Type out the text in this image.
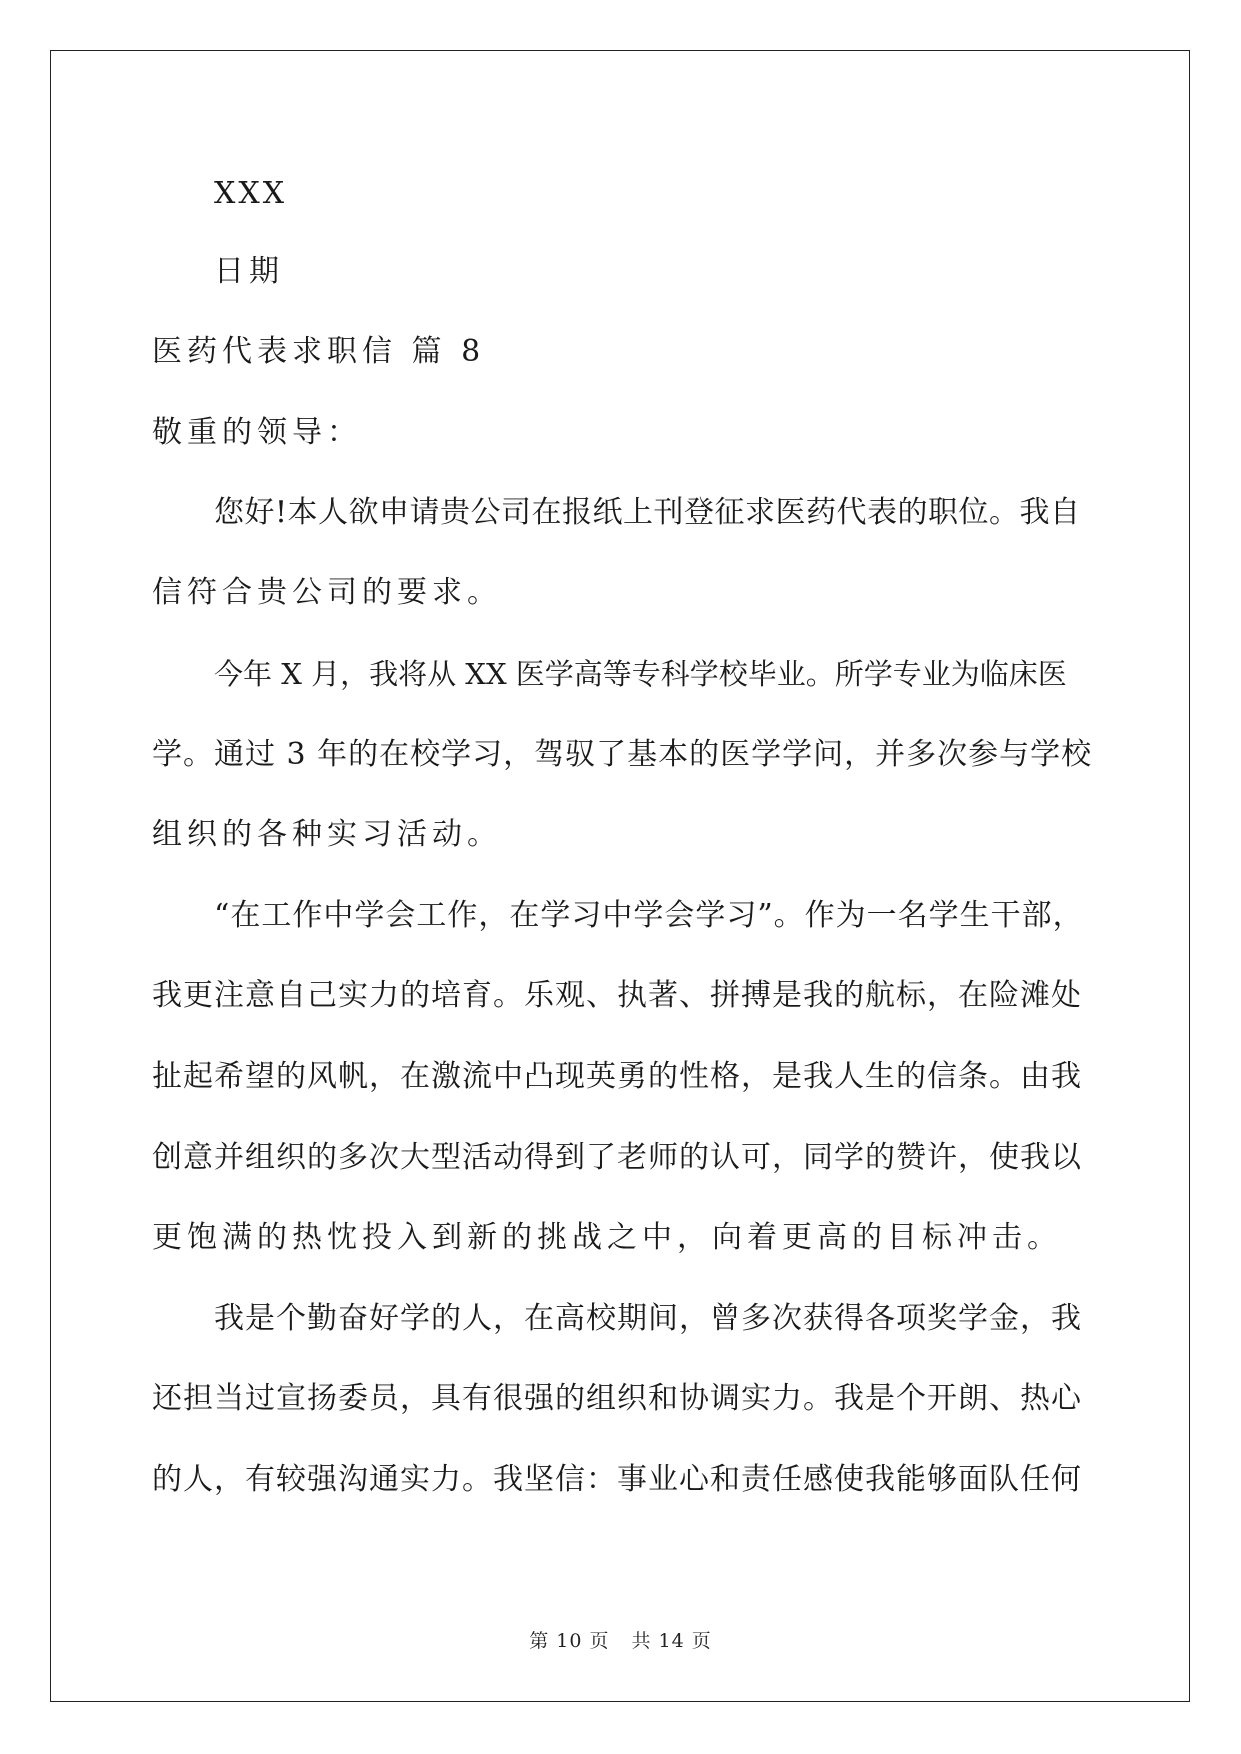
XXX
日期
医药代表求职信 篇 8
敬重的领导：
您好!本人欲申请贵公司在报纸上刊登征求医药代表的职位。我自
信符合贵公司的要求。
今年 X 月，我将从 XX 医学高等专科学校毕业。所学专业为临床医
学。通过 3 年的在校学习，驾驭了基本的医学学问，并多次参与学校
组织的各种实习活动。
“在工作中学会工作，在学习中学会学习”。作为一名学生干部，
我更注意自己实力的培育。乐观、执著、拼搏是我的航标，在险滩处
扯起希望的风帆，在激流中凸现英勇的性格，是我人生的信条。由我
创意并组织的多次大型活动得到了老师的认可，同学的赞许，使我以
更饱满的热忱投入到新的挑战之中，向着更高的目标冲击。
我是个勤奋好学的人，在高校期间，曾多次获得各项奖学金，我
还担当过宣扬委员，具有很强的组织和协调实力。我是个开朗、热心
的人，有较强沟通实力。我坚信：事业心和责任感使我能够面队任何
第 10 页 共 14 页
